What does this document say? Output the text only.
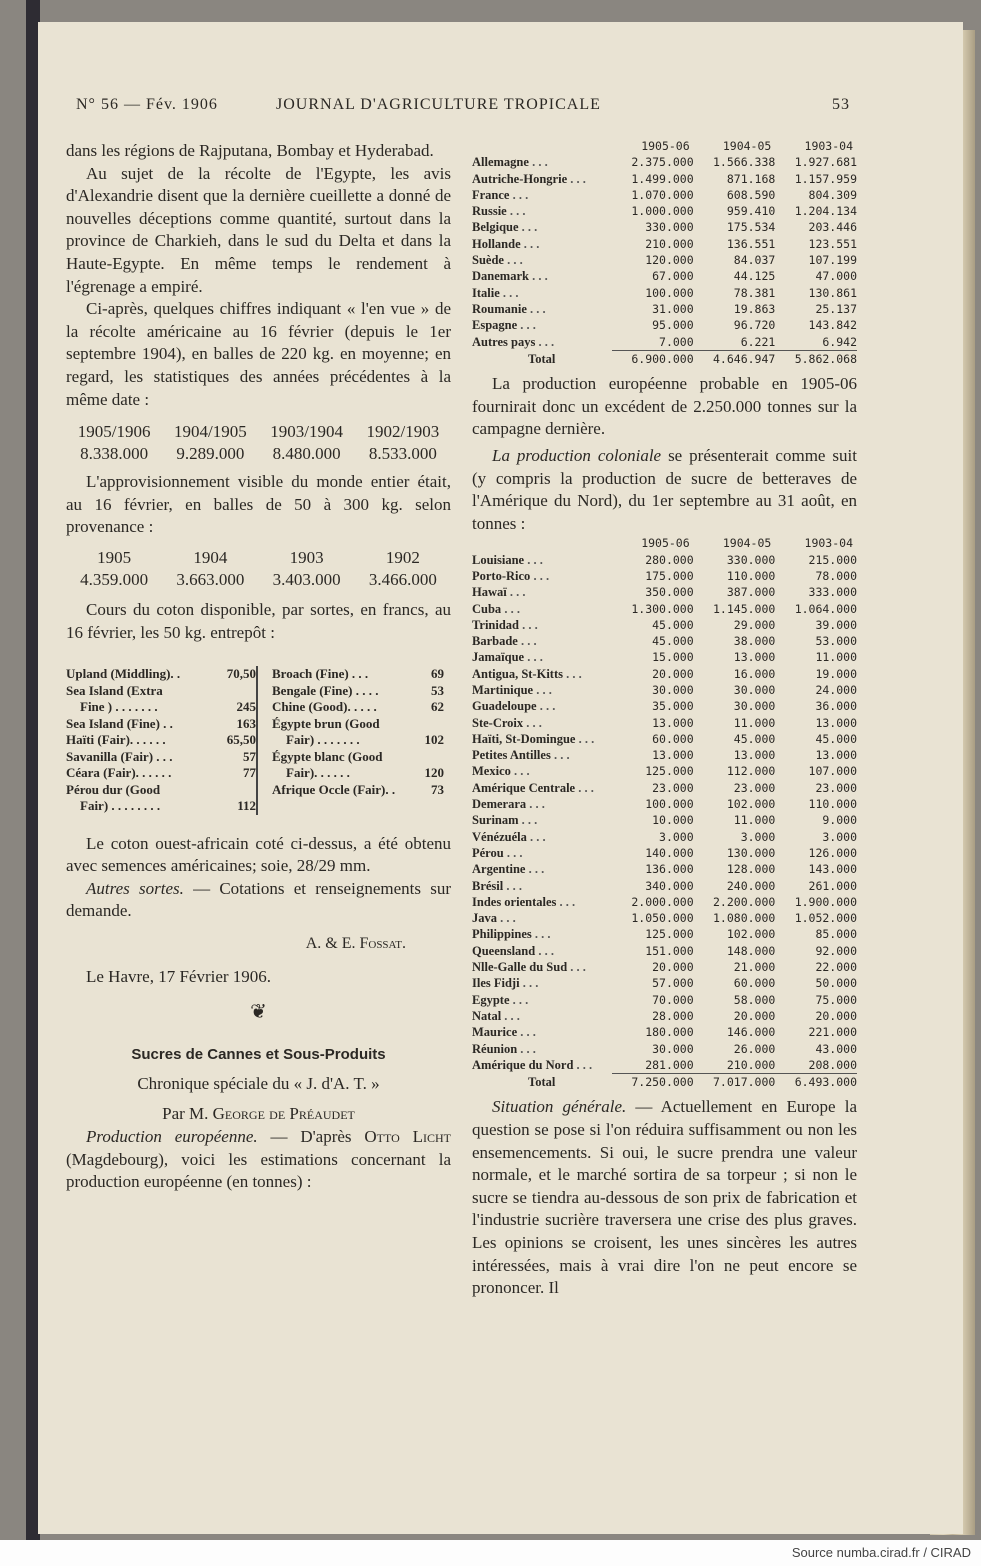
N° 56 — Fév. 1906	JOURNAL D'AGRICULTURE TROPICALE	53

dans les régions de Rajputana, Bombay et Hyderabad.

Au sujet de la récolte de l'Egypte, les avis d'Alexandrie disent que la dernière cueillette a donné de nouvelles déceptions comme quantité, surtout dans la province de Charkieh, dans le sud du Delta et dans la Haute-Egypte. En même temps le rendement à l'égrenage a empiré.

Ci-après, quelques chiffres indiquant « l'en vue » de la récolte américaine au 16 février (depuis le 1er septembre 1904), en balles de 220 kg. en moyenne; en regard, les statistiques des années précédentes à la même date :

1905/1906	1904/1905	1903/1904	1902/1903
8.338.000	9.289.000	8.480.000	8.533.000

L'approvisionnement visible du monde entier était, au 16 février, en balles de 50 à 300 kg. selon provenance :

1905	1904	1903	1902
4.359.000	3.663.000	3.403.000	3.466.000

Cours du coton disponible, par sortes, en francs, au 16 février, les 50 kg. entrepôt :

Upland (Middling). .	70,50
Sea Island (Extra
Fine ) . . . . . . .	245
Sea Island (Fine) . .	163
Haïti (Fair). . . . . .	65,50
Savanilla (Fair) . . .	57
Céara (Fair). . . . . .	77
Pérou dur (Good
Fair) . . . . . . . .	112
Broach (Fine) . . .	69
Bengale (Fine) . . . .	53
Chine (Good). . . . .	62
Égypte brun (Good
Fair) . . . . . . .	102
Égypte blanc (Good
Fair). . . . . .	120
Afrique Occle (Fair). .	73

Le coton ouest-africain coté ci-dessus, a été obtenu avec semences américaines; soie, 28/29 mm.

Autres sortes. — Cotations et renseignements sur demande.

A. & E. Fossat.
Le Havre, 17 Février 1906.
❦
Sucres de Cannes et Sous-Produits
Chronique spéciale du « J. d'A. T. »
Par M. George de Préaudet

Production européenne. — D'après Otto Licht (Magdebourg), voici les estimations concernant la production européenne (en tonnes) :

	1905-06	1904-05	1903-04
Allemagne . . .	2.375.000	1.566.338	1.927.681
Autriche-Hongrie . . .	1.499.000	871.168	1.157.959
France . . .	1.070.000	608.590	804.309
Russie . . .	1.000.000	959.410	1.204.134
Belgique . . .	330.000	175.534	203.446
Hollande . . .	210.000	136.551	123.551
Suède . . .	120.000	84.037	107.199
Danemark . . .	67.000	44.125	47.000
Italie . . .	100.000	78.381	130.861
Roumanie . . .	31.000	19.863	25.137
Espagne . . .	95.000	96.720	143.842
Autres pays . . .	7.000	6.221	6.942
Total	6.900.000	4.646.947	5.862.068

La production européenne probable en 1905-06 fournirait donc un excédent de 2.250.000 tonnes sur la campagne dernière.

La production coloniale se présenterait comme suit (y compris la production de sucre de betteraves de l'Amérique du Nord), du 1er septembre au 31 août, en tonnes :

	1905-06	1904-05	1903-04
Louisiane . . .	280.000	330.000	215.000
Porto-Rico . . .	175.000	110.000	78.000
Hawaï . . .	350.000	387.000	333.000
Cuba . . .	1.300.000	1.145.000	1.064.000
Trinidad . . .	45.000	29.000	39.000
Barbade . . .	45.000	38.000	53.000
Jamaïque . . .	15.000	13.000	11.000
Antigua, St-Kitts . . .	20.000	16.000	19.000
Martinique . . .	30.000	30.000	24.000
Guadeloupe . . .	35.000	30.000	36.000
Ste-Croix . . .	13.000	11.000	13.000
Haïti, St-Domingue . . .	60.000	45.000	45.000
Petites Antilles . . .	13.000	13.000	13.000
Mexico . . .	125.000	112.000	107.000
Amérique Centrale . . .	23.000	23.000	23.000
Demerara . . .	100.000	102.000	110.000
Surinam . . .	10.000	11.000	9.000
Vénézuéla . . .	3.000	3.000	3.000
Pérou . . .	140.000	130.000	126.000
Argentine . . .	136.000	128.000	143.000
Brésil . . .	340.000	240.000	261.000
Indes orientales . . .	2.000.000	2.200.000	1.900.000
Java . . .	1.050.000	1.080.000	1.052.000
Philippines . . .	125.000	102.000	85.000
Queensland . . .	151.000	148.000	92.000
Nlle-Galle du Sud . . .	20.000	21.000	22.000
Iles Fidji . . .	57.000	60.000	50.000
Egypte . . .	70.000	58.000	75.000
Natal . . .	28.000	20.000	20.000
Maurice . . .	180.000	146.000	221.000
Réunion . . .	30.000	26.000	43.000
Amérique du Nord . . .	281.000	210.000	208.000
Total	7.250.000	7.017.000	6.493.000

Situation générale. — Actuellement en Europe la question se pose si l'on réduira suffisamment ou non les ensemencements. Si oui, le sucre prendra une valeur normale, et le marché sortira de sa torpeur ; si non le sucre se tiendra au-dessous de son prix de fabrication et l'industrie sucrière traversera une crise des plus graves. Les opinions se croisent, les unes sincères les autres intéressées, mais à vrai dire l'on ne peut encore se prononcer. Il

Source numba.cirad.fr / CIRAD
